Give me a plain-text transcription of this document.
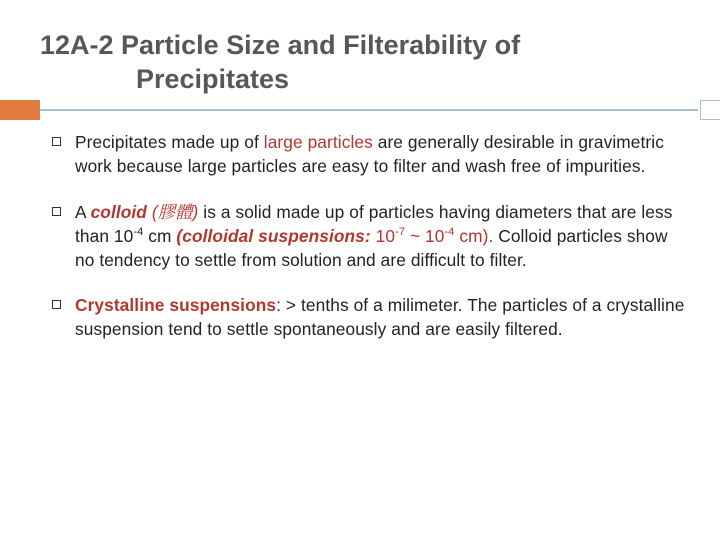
12A-2 Particle Size and Filterability of
Precipitates
Precipitates made up of large particles are generally desirable in gravimetric work because large particles are easy to filter and wash free of impurities.
A colloid (膠體) is a solid made up of particles having diameters that are less than $10^{-4}$ cm (colloidal suspensions: $10^{-7}$ ~ $10^{-4}$ cm). Colloid particles show no tendency to settle from solution and are difficult to filter.
Crystalline suspensions: > tenths of a milimeter. The particles of a crystalline suspension tend to settle spontaneously and are easily filtered.
